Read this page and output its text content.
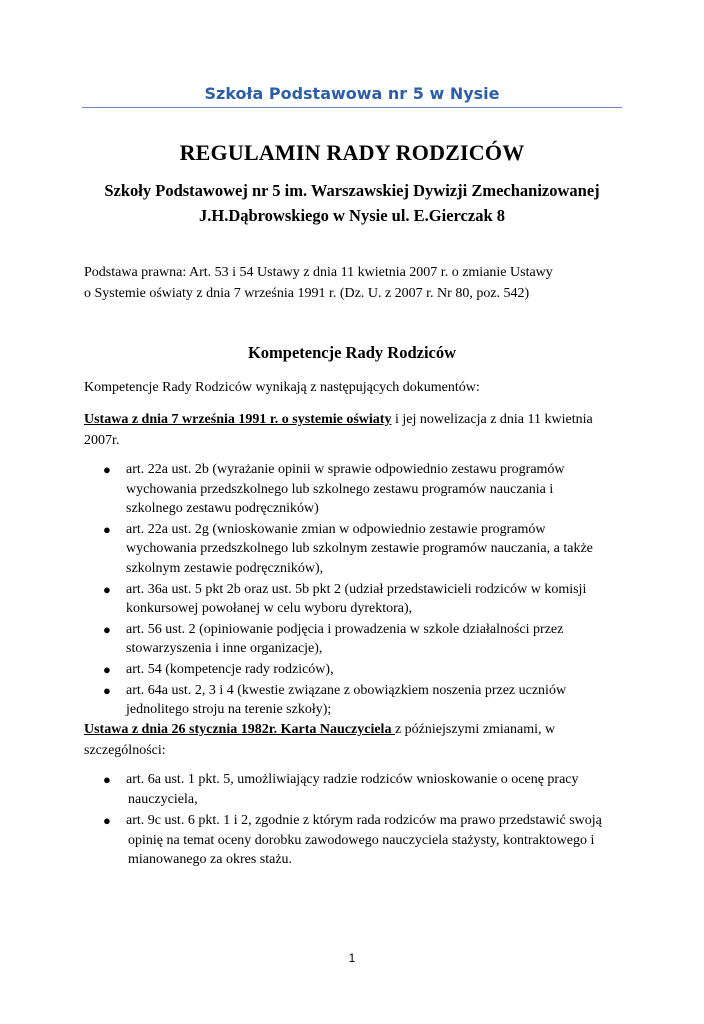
Szkoła Podstawowa nr 5 w Nysie
REGULAMIN RADY RODZICÓW
Szkoły Podstawowej nr 5 im. Warszawskiej Dywizji Zmechanizowanej
J.H.Dąbrowskiego w Nysie ul. E.Gierczak 8
Podstawa prawna: Art. 53 i 54 Ustawy z dnia 11 kwietnia 2007 r. o zmianie Ustawy
o Systemie oświaty z dnia 7 września 1991 r. (Dz. U. z 2007 r. Nr 80, poz. 542)
Kompetencje Rady Rodziców
Kompetencje Rady Rodziców wynikają z następujących dokumentów:
Ustawa z dnia 7 września 1991 r. o systemie oświaty i jej nowelizacja z dnia 11 kwietnia 2007r.
● art. 22a ust. 2b (wyrażanie opinii w sprawie odpowiednio zestawu programów wychowania przedszkolnego lub szkolnego zestawu programów nauczania i szkolnego zestawu podręczników)
● art. 22a ust. 2g (wnioskowanie zmian w odpowiednio zestawie programów wychowania przedszkolnego lub szkolnym zestawie programów nauczania, a także szkolnym zestawie podręczników),
● art. 36a ust. 5 pkt 2b oraz ust. 5b pkt 2 (udział przedstawicieli rodziców w komisji konkursowej powołanej w celu wyboru dyrektora),
● art. 56 ust. 2 (opiniowanie podjęcia i prowadzenia w szkole działalności przez stowarzyszenia i inne organizacje),
● art. 54 (kompetencje rady rodziców),
● art. 64a ust. 2, 3 i 4 (kwestie związane z obowiązkiem noszenia przez uczniów jednolitego stroju na terenie szkoły);
Ustawa z dnia 26 stycznia 1982r. Karta Nauczyciela z późniejszymi zmianami, w szczególności:
● art. 6a ust. 1 pkt. 5, umożliwiający radzie rodziców wnioskowanie o ocenę pracy
nauczyciela,
● art. 9c ust. 6 pkt. 1 i 2, zgodnie z którym rada rodziców ma prawo przedstawić swoją
opinię na temat oceny dorobku zawodowego nauczyciela stażysty, kontraktowego i mianowanego za okres stażu.
1
